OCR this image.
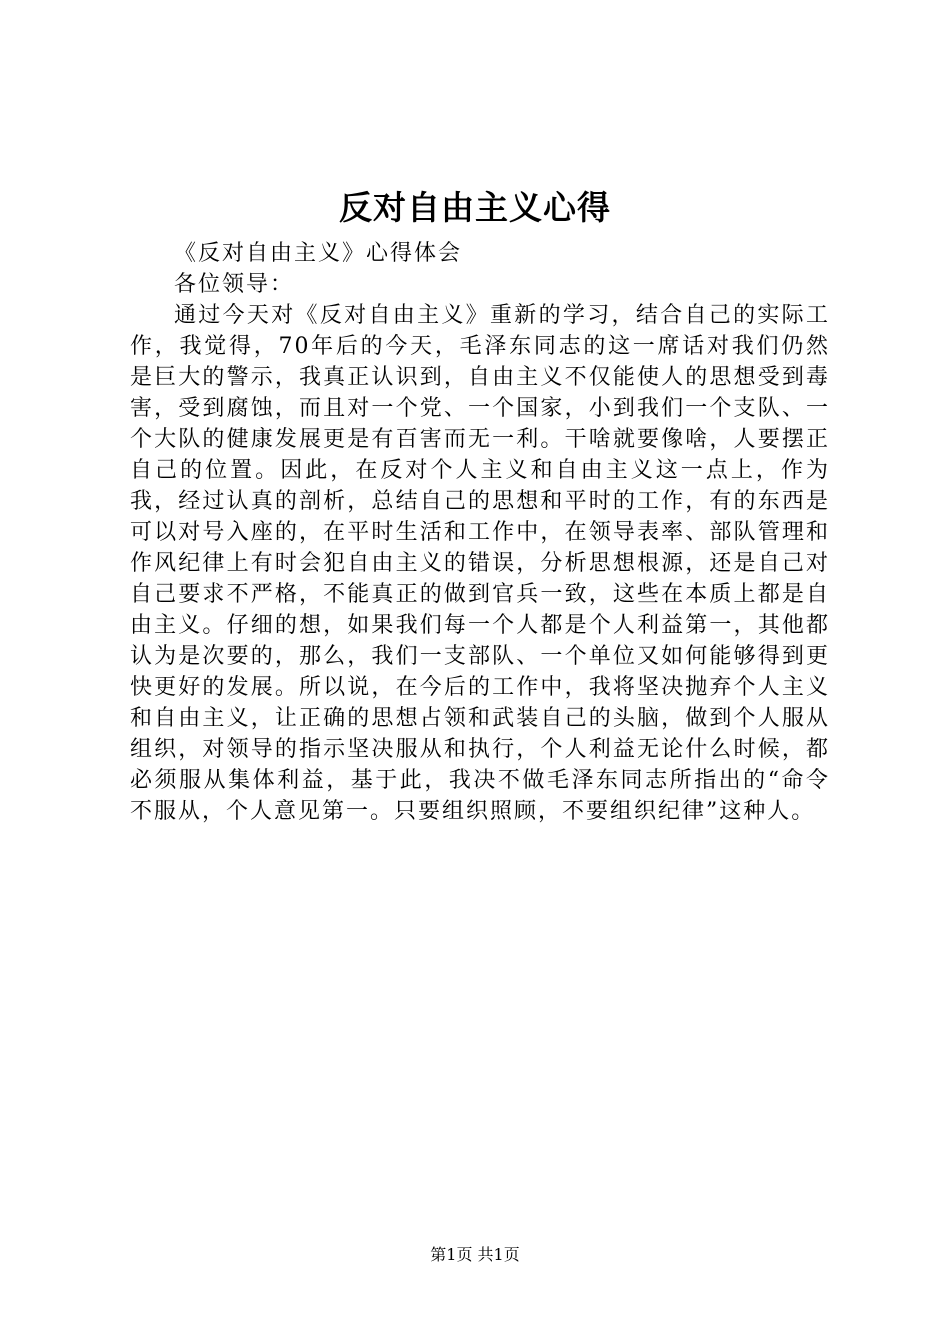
反对自由主义心得

《反对自由主义》心得体会

各位领导：

通过今天对《反对自由主义》重新的学习，结合自己的实际工作，我觉得，70年后的今天，毛泽东同志的这一席话对我们仍然是巨大的警示，我真正认识到，自由主义不仅能使人的思想受到毒害，受到腐蚀，而且对一个党、一个国家，小到我们一个支队、一个大队的健康发展更是有百害而无一利。干啥就要像啥，人要摆正自己的位置。因此，在反对个人主义和自由主义这一点上，作为我，经过认真的剖析，总结自己的思想和平时的工作，有的东西是可以对号入座的，在平时生活和工作中，在领导表率、部队管理和作风纪律上有时会犯自由主义的错误，分析思想根源，还是自己对自己要求不严格，不能真正的做到官兵一致，这些在本质上都是自由主义。仔细的想，如果我们每一个人都是个人利益第一，其他都认为是次要的，那么，我们一支部队、一个单位又如何能够得到更快更好的发展。所以说，在今后的工作中，我将坚决抛弃个人主义和自由主义，让正确的思想占领和武装自己的头脑，做到个人服从组织，对领导的指示坚决服从和执行，个人利益无论什么时候，都必须服从集体利益，基于此，我决不做毛泽东同志所指出的“命令不服从，个人意见第一。只要组织照顾，不要组织纪律”这种人。

第1页 共1页
